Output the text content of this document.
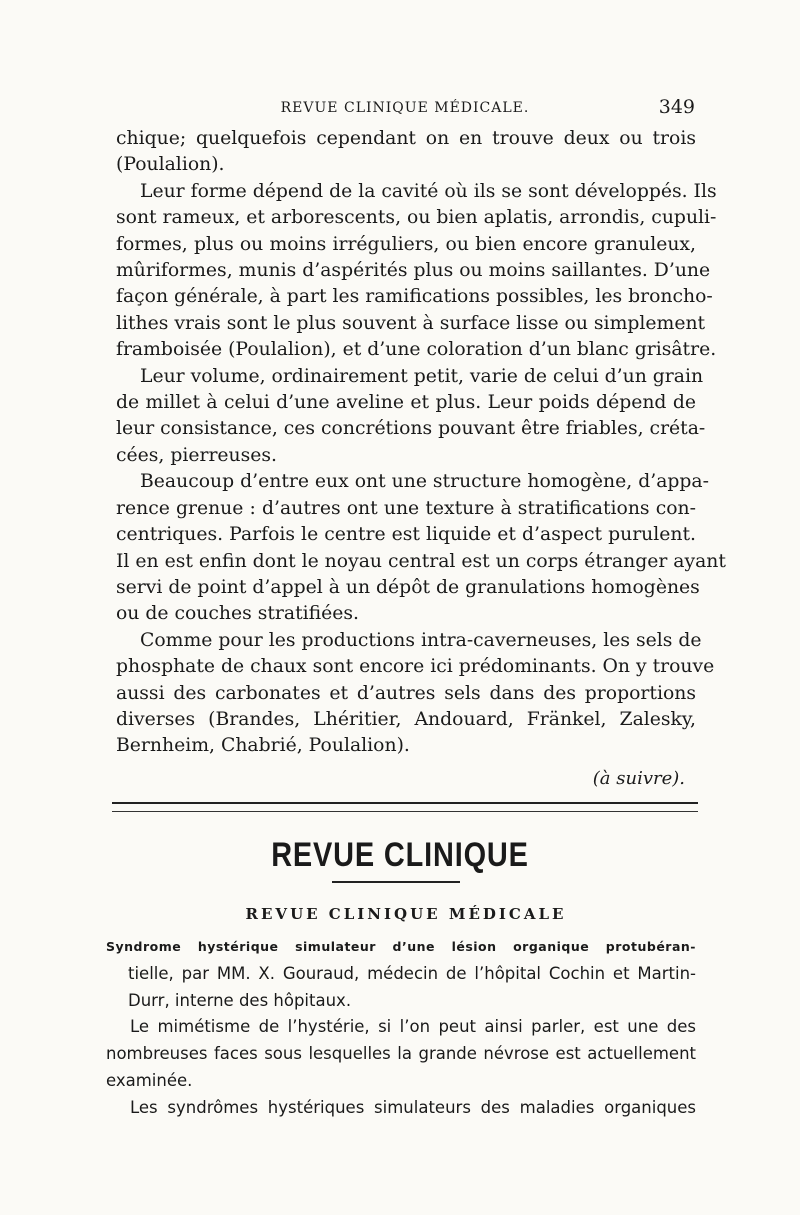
REVUE CLINIQUE MÉDICALE.	349
chique; quelquefois cependant on en trouve deux ou trois
(Poulalion).
Leur forme dépend de la cavité où ils se sont développés. Ils
sont rameux, et arborescents, ou bien aplatis, arrondis, cupuli-
formes, plus ou moins irréguliers, ou bien encore granuleux,
mûriformes, munis d’aspérités plus ou moins saillantes. D’une
façon générale, à part les ramifications possibles, les broncho-
lithes vrais sont le plus souvent à surface lisse ou simplement
framboisée (Poulalion), et d’une coloration d’un blanc grisâtre.
Leur volume, ordinairement petit, varie de celui d’un grain
de millet à celui d’une aveline et plus. Leur poids dépend de
leur consistance, ces concrétions pouvant être friables, créta-
cées, pierreuses.
Beaucoup d’entre eux ont une structure homogène, d’appa-
rence grenue : d’autres ont une texture à stratifications con-
centriques. Parfois le centre est liquide et d’aspect purulent.
Il en est enfin dont le noyau central est un corps étranger ayant
servi de point d’appel à un dépôt de granulations homogènes
ou de couches stratifiées.
Comme pour les productions intra-caverneuses, les sels de
phosphate de chaux sont encore ici prédominants. On y trouve
aussi des carbonates et d’autres sels dans des proportions
diverses (Brandes, Lhéritier, Andouard, Fränkel, Zalesky,
Bernheim, Chabrié, Poulalion).
(à suivre).
REVUE CLINIQUE
REVUE CLINIQUE MÉDICALE
Syndrome hystérique simulateur d’une lésion organique protubéran-
tielle, par MM. X. Gouraud, médecin de l’hôpital Cochin et Martin-
Durr, interne des hôpitaux.
Le mimétisme de l’hystérie, si l’on peut ainsi parler, est une des
nombreuses faces sous lesquelles la grande névrose est actuellement
examinée.
Les syndrômes hystériques simulateurs des maladies organiques
